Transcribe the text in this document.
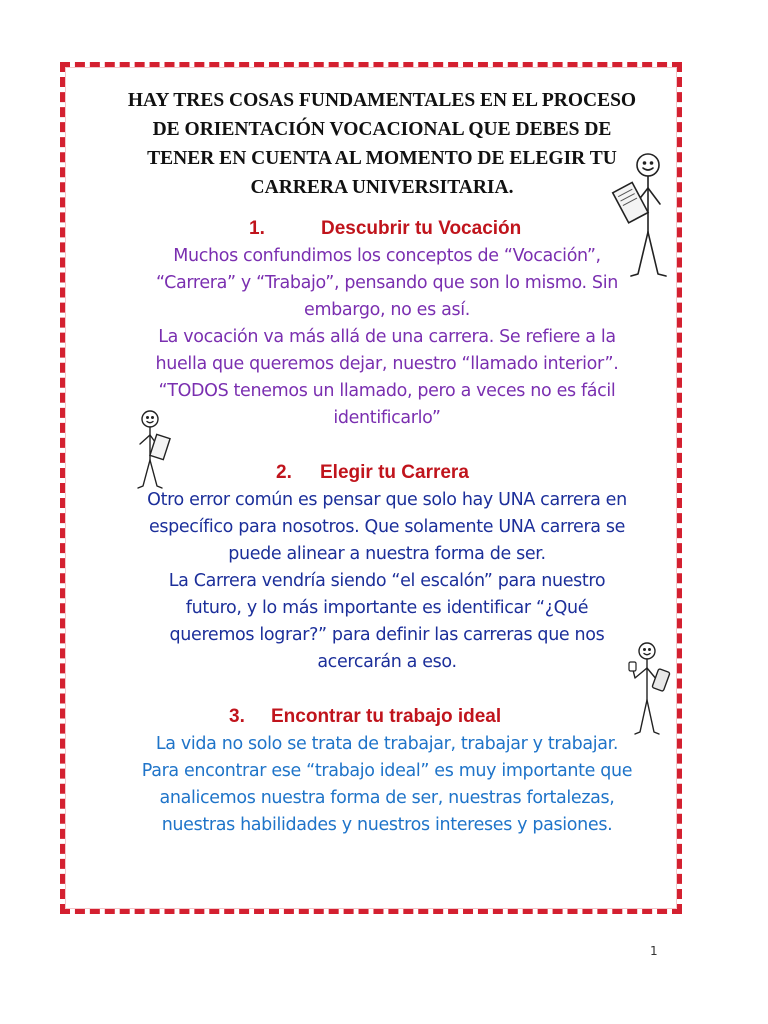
HAY TRES COSAS FUNDAMENTALES EN EL PROCESO
DE ORIENTACIÓN VOCACIONAL QUE DEBES DE
TENER EN CUENTA AL MOMENTO DE ELEGIR TU
CARRERA UNIVERSITARIA.
1.	Descubrir tu Vocación

Muchos confundimos los conceptos de “Vocación”,
“Carrera” y “Trabajo”, pensando que son lo mismo. Sin
embargo, no es así.
La vocación va más allá de una carrera. Se refiere a la
huella que queremos dejar, nuestro “llamado interior”.
“TODOS tenemos un llamado, pero a veces no es fácil
identificarlo”

2. Elegir tu Carrera

Otro error común es pensar que solo hay UNA carrera en
específico para nosotros. Que solamente UNA carrera se
puede alinear a nuestra forma de ser.
La Carrera vendría siendo “el escalón” para nuestro
futuro, y lo más importante es identificar “¿Qué
queremos lograr?” para definir las carreras que nos
acercarán a eso.

3. Encontrar tu trabajo ideal

La vida no solo se trata de trabajar, trabajar y trabajar.
Para encontrar ese “trabajo ideal” es muy importante que
analicemos nuestra forma de ser, nuestras fortalezas,
nuestras habilidades y nuestros intereses y pasiones.

1
